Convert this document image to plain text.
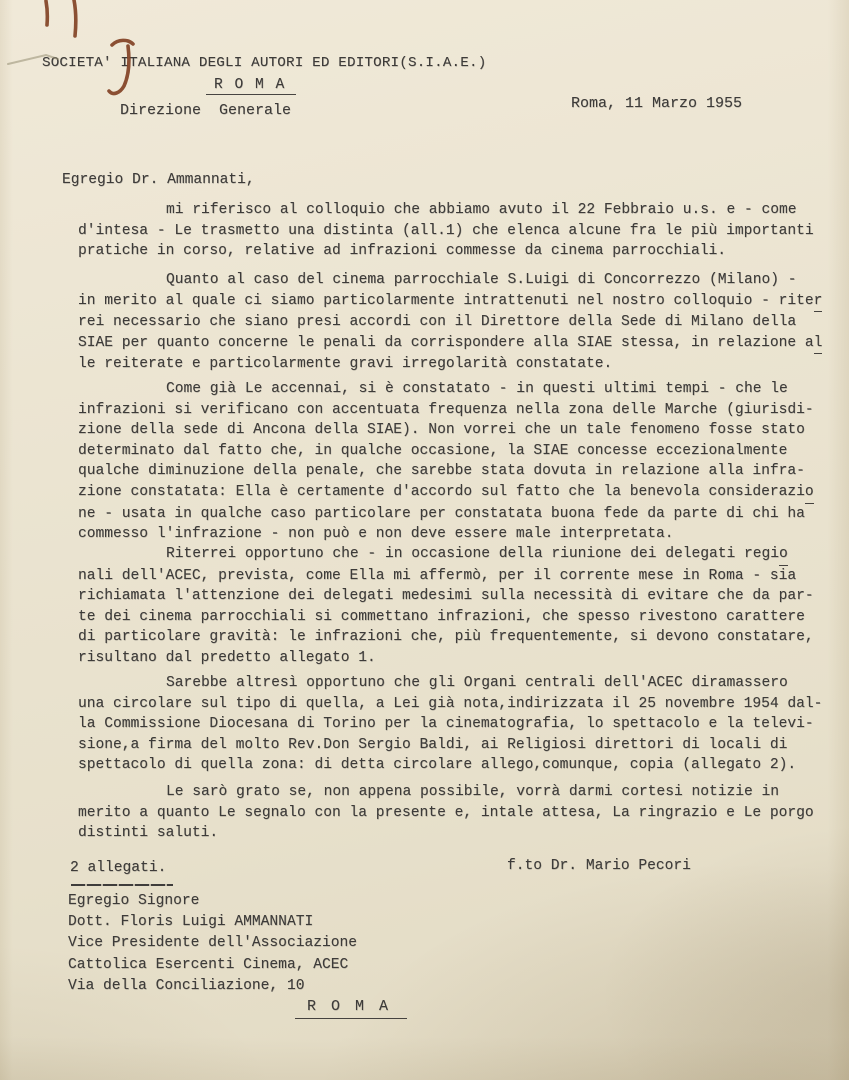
SOCIETA' ITALIANA DEGLI AUTORI ED EDITORI(S.I.A.E.)
R O M A
Direzione  Generale	Roma, 11 Marzo 1955
Egregio Dr. Ammannati,
mi riferisco al colloquio che abbiamo avuto il 22 Febbraio u.s. e - come
d'intesa - Le trasmetto una distinta (all.1) che elenca alcune fra le più importanti
pratiche in corso, relative ad infrazioni commesse da cinema parrocchiali.
Quanto al caso del cinema parrocchiale S.Luigi di Concorrezzo (Milano) -
in merito al quale ci siamo particolarmente intrattenuti nel nostro colloquio - riter
rei necessario che siano presi accordi con il Direttore della Sede di Milano della
SIAE per quanto concerne le penali da corrispondere alla SIAE stessa, in relazione al
le reiterate e particolarmente gravi irregolarità constatate.
Come già Le accennai, si è constatato - in questi ultimi tempi - che le
infrazioni si verificano con accentuata frequenza nella zona delle Marche (giurisdi-
zione della sede di Ancona della SIAE). Non vorrei che un tale fenomeno fosse stato
determinato dal fatto che, in qualche occasione, la SIAE concesse eccezionalmente
qualche diminuzione della penale, che sarebbe stata dovuta in relazione alla infra-
zione constatata: Ella è certamente d'accordo sul fatto che la benevola considerazio
ne - usata in qualche caso particolare per constatata buona fede da parte di chi ha
commesso l'infrazione - non può e non deve essere male interpretata.
Riterrei opportuno che - in occasione della riunione dei delegati regio
nali dell'ACEC, prevista, come Ella mi affermò, per il corrente mese in Roma - sia
richiamata l'attenzione dei delegati medesimi sulla necessità di evitare che da par-
te dei cinema parrocchiali si commettano infrazioni, che spesso rivestono carattere
di particolare gravità: le infrazioni che, più frequentemente, si devono constatare,
risultano dal predetto allegato 1.
Sarebbe altresì opportuno che gli Organi centrali dell'ACEC diramassero
una circolare sul tipo di quella, a Lei già nota,indirizzata il 25 novembre 1954 dal-
la Commissione Diocesana di Torino per la cinematografia, lo spettacolo e la televi-
sione,a firma del molto Rev.Don Sergio Baldi, ai Religiosi direttori di locali di
spettacolo di quella zona: di detta circolare allego,comunque, copia (allegato 2).
Le sarò grato se, non appena possibile, vorrà darmi cortesi notizie in
merito a quanto Le segnalo con la presente e, intale attesa, La ringrazio e Le porgo
distinti saluti.
2 allegati.	f.to Dr. Mario Pecori
Egregio Signore
Dott. Floris Luigi AMMANNATI
Vice Presidente dell'Associazione
Cattolica Esercenti Cinema, ACEC
Via della Conciliazione, 10
R O M A
